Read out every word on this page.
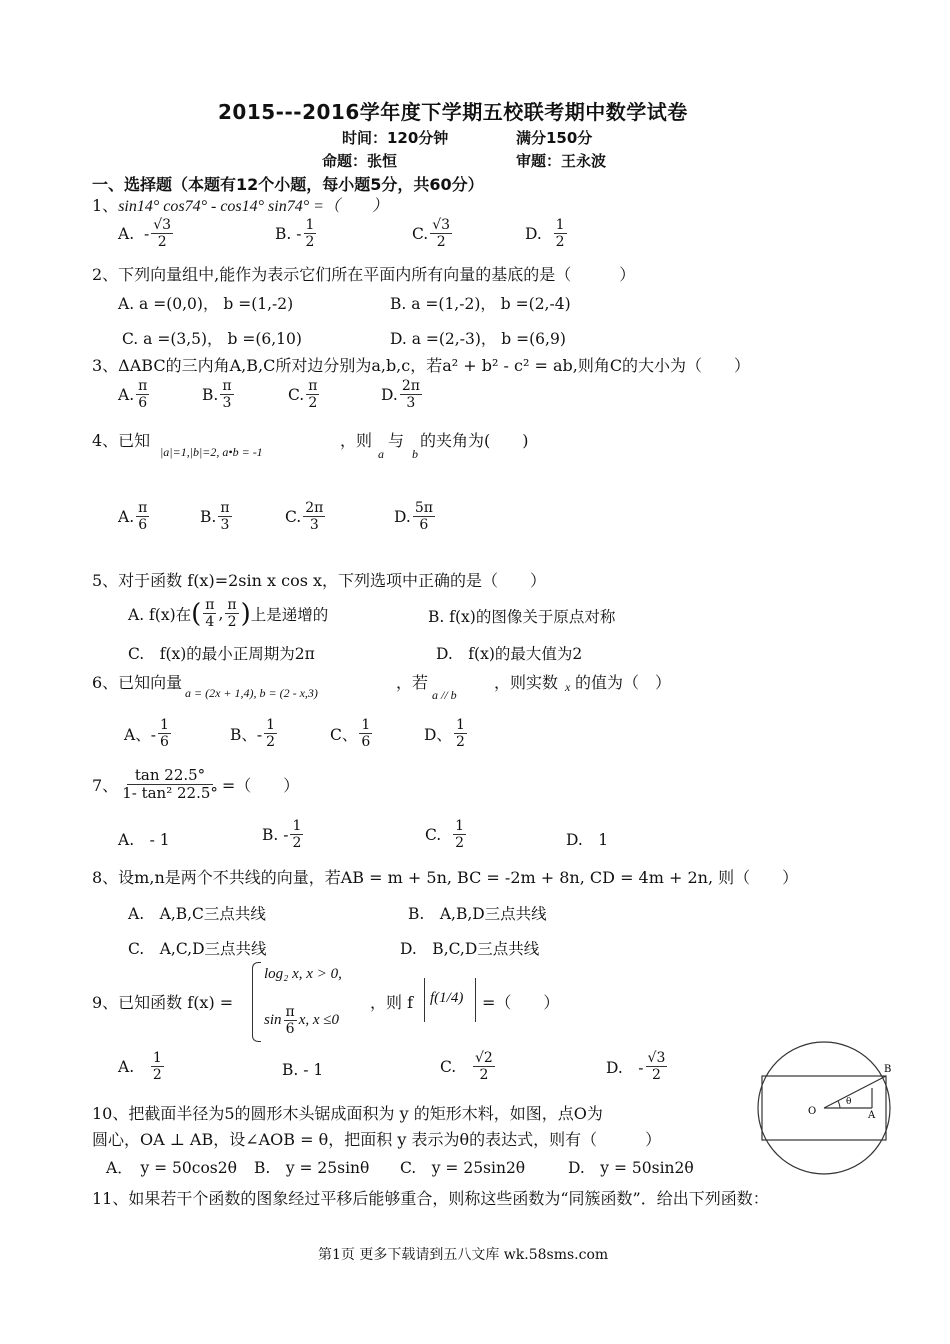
2015---2016学年度下学期五校联考期中数学试卷
时间：120分钟	满分150分
命题：张恒	审题：王永波
一、选择题（本题有12个小题，每小题5分，共60分）
1、sin14° cos74° - cos14° sin74° =（　　）
A.
- $\frac{√3}{2}$	B.
- $\frac{1}{2}$	C. $\frac{√3}{2}$	D.
$\frac{1}{2}$
2、下列向量组中,能作为表示它们所在平面内所有向量的基底的是（　　　）
A. a =(0,0)， b =(1,-2)	B. a =(1,-2)， b =(2,-4)
C. a =(3,5)， b =(6,10)	D. a =(2,-3)， b =(6,9)
3、ΔABC的三内角A,B,C所对边分别为a,b,c，若a² + b² - c² = ab,则角C的大小为（　　）
A. $\frac{\pi}{6}$	B. $\frac{\pi}{3}$	C. $\frac{\pi}{2}$	D. $\frac{2\pi}{3}$
4、已知
|a|=1,|b|=2, a•b = -1
，则　与　的夹角为(　　)
a b
A. $\frac{\pi}{6}$	B. $\frac{\pi}{3}$	C. $\frac{2\pi}{3}$	D. $\frac{5\pi}{6}$
5、对于函数 f(x)=2sin x cos x，下列选项中正确的是（　　）
A. f(x)在 ( $\frac{\pi}{4}$ , $\frac{\pi}{2}$ ) 上是递增的	B. f(x)的图像关于原点对称
C.　f(x)的最小正周期为2π	D.　f(x)的最大值为2
6、已知向量
a = (2x + 1,4), b = (2 - x,3)
，若
a // b
，则实数 x 的值为（　）
A、- $\frac{1}{6}$	B、- $\frac{1}{2}$	C、 $\frac{1}{6}$	D、 $\frac{1}{2}$
7、 $\frac{\tan 22.5^\circ}{\text{1- tan² 22.5°}}$ =（　　）
A.　- 1	B. - $\frac{1}{2}$	C.
$\frac{1}{2}$	D.　1
8、设m,n是两个不共线的向量，若AB = m + 5n, BC = -2m + 8n, CD = 4m + 2n, 则（　　）
A.　A,B,C三点共线	B.　A,B,D三点共线
C.　A,C,D三点共线	D.　B,C,D三点共线
9、已知函数 f(x) =
log₂ x, x > 0,
$\sin \frac{\pi}{6} x$, x ≤0
，则 f f(1/4) =（　　）
A.
$\frac{1}{2}$	B. - 1	C.
$\frac{√2}{2}$	D.　- $\frac{√3}{2}$
10、把截面半径为5的圆形木头锯成面积为 y 的矩形木料，如图，点O为
圆心，OA ⊥ AB，设∠AOB = θ，把面积 y 表示为θ的表达式，则有（　　　）
A．　y = 50cos2θ B.　y = 25sinθ C.　y = 25sin2θ	D.　y = 50sin2θ
O	A
B
θ
11、如果若干个函数的图象经过平移后能够重合，则称这些函数为“同簇函数”．给出下列函数：
第1页 更多下载请到五八文库 wk.58sms.com
